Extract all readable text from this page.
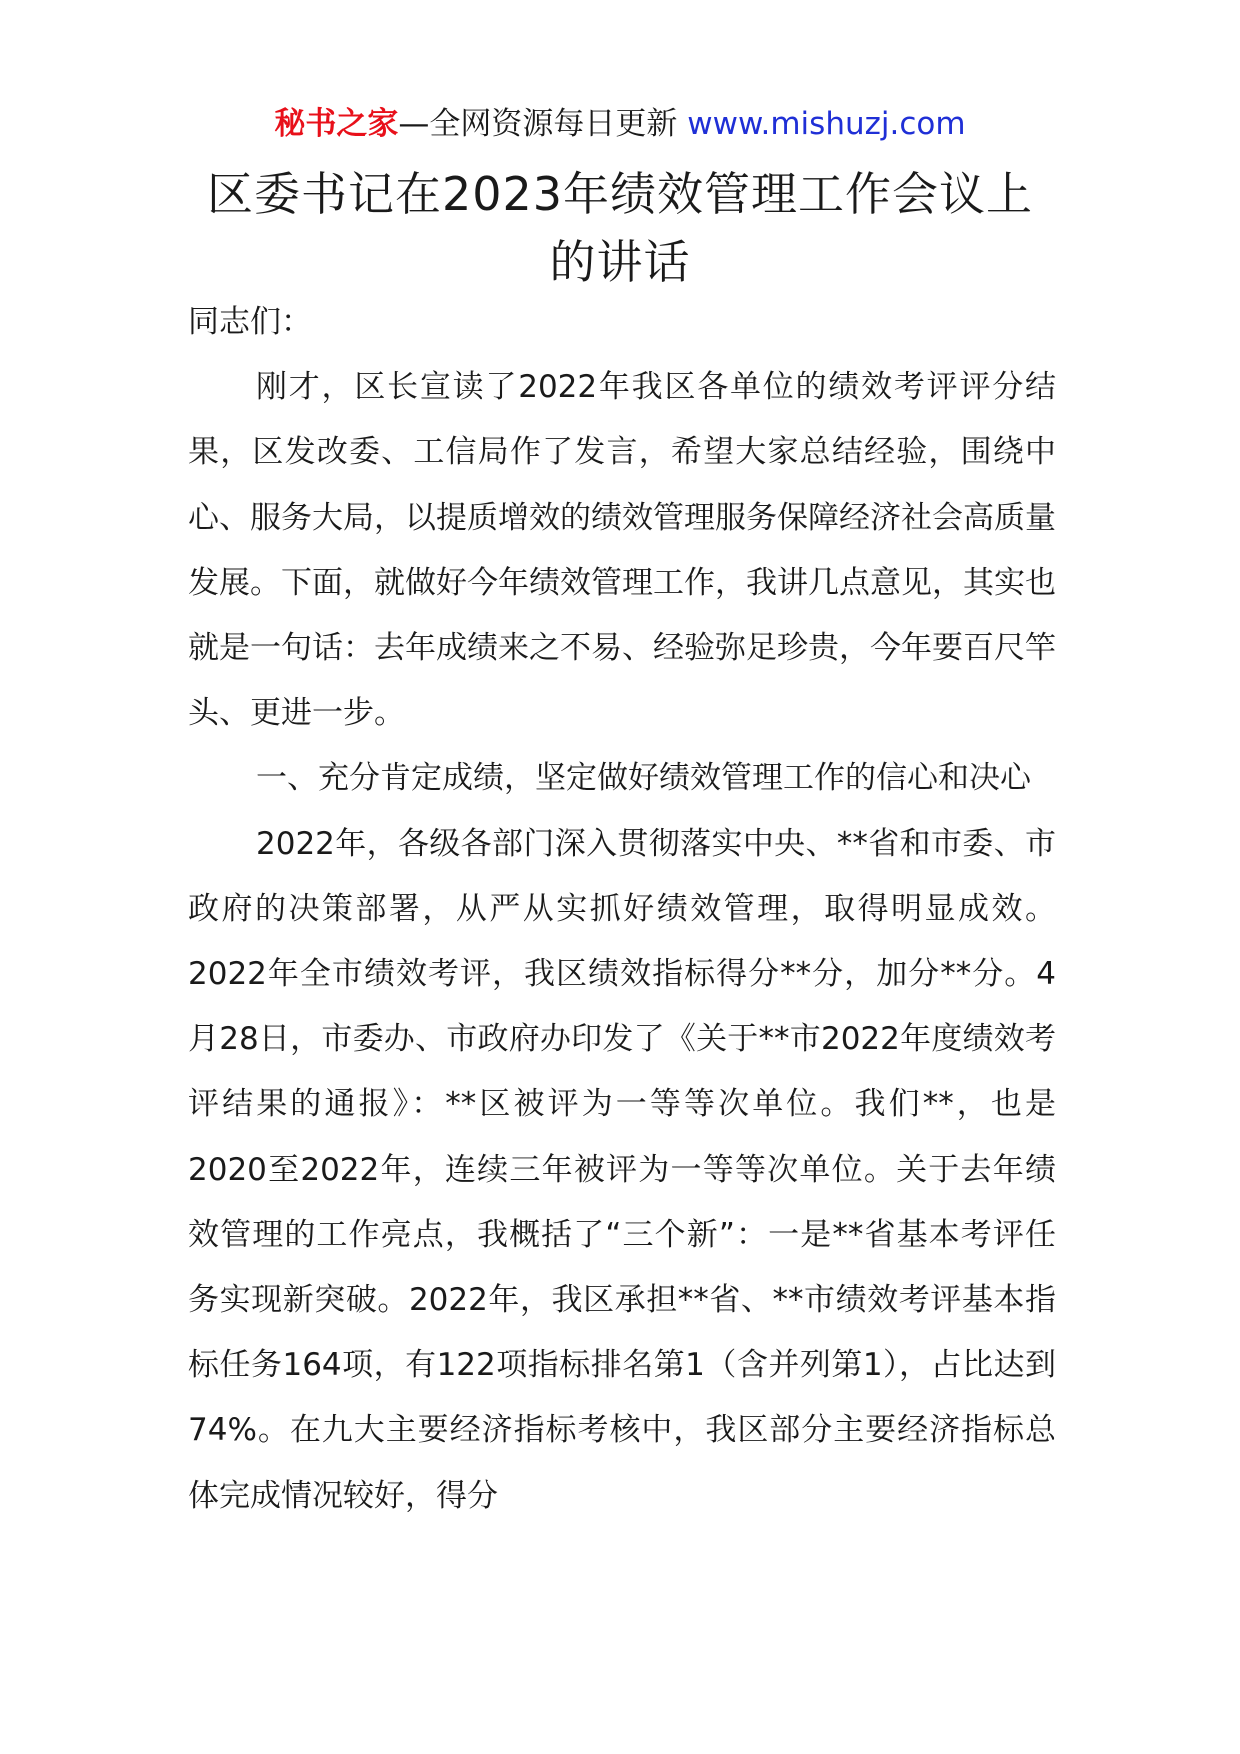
秘书之家—全网资源每日更新 www.mishuzj.com
区委书记在2023年绩效管理工作会议上的讲话

同志们：

刚才，区长宣读了2022年我区各单位的绩效考评评分结果，区发改委、工信局作了发言，希望大家总结经验，围绕中心、服务大局，以提质增效的绩效管理服务保障经济社会高质量发展。下面，就做好今年绩效管理工作，我讲几点意见，其实也就是一句话：去年成绩来之不易、经验弥足珍贵，今年要百尺竿头、更进一步。

一、充分肯定成绩，坚定做好绩效管理工作的信心和决心

2022年，各级各部门深入贯彻落实中央、**省和市委、市政府的决策部署，从严从实抓好绩效管理，取得明显成效。2022年全市绩效考评，我区绩效指标得分**分，加分**分。4月28日，市委办、市政府办印发了《关于**市2022年度绩效考评结果的通报》：**区被评为一等等次单位。我们**，也是2020至2022年，连续三年被评为一等等次单位。关于去年绩效管理的工作亮点，我概括了“三个新”：一是**省基本考评任务实现新突破。2022年，我区承担**省、**市绩效考评基本指标任务164项，有122项指标排名第1（含并列第1），占比达到74%。在九大主要经济指标考核中，我区部分主要经济指标总体完成情况较好，得分
